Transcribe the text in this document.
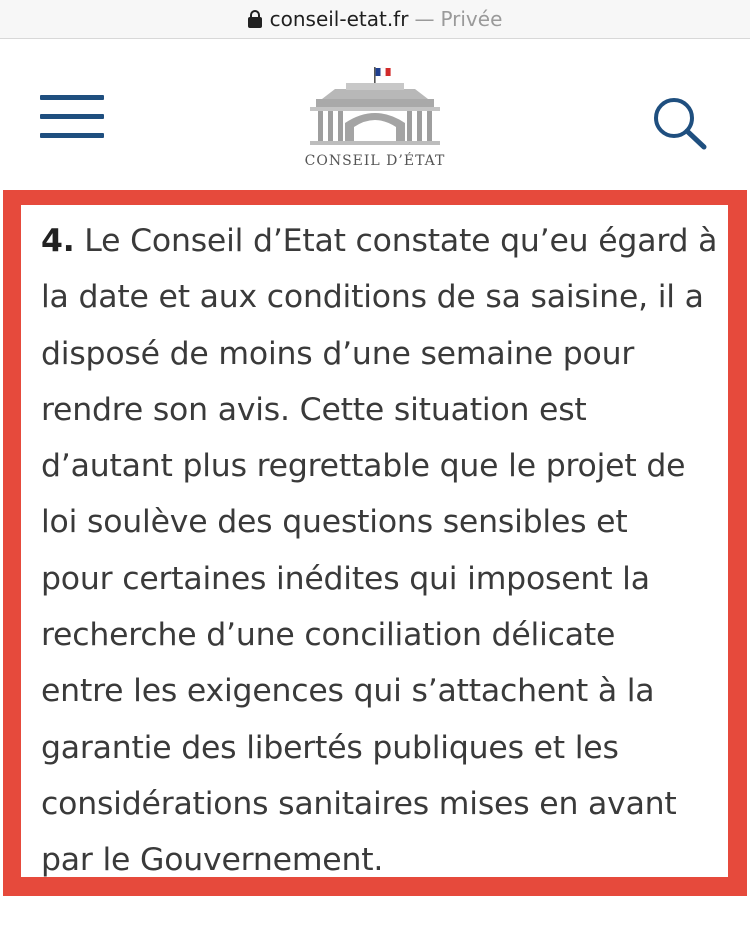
conseil-etat.fr — Privée
CONSEIL D’ÉTAT

4. Le Conseil d’Etat constate qu’eu égard à
la date et aux conditions de sa saisine, il a
disposé de moins d’une semaine pour
rendre son avis. Cette situation est
d’autant plus regrettable que le projet de
loi soulève des questions sensibles et
pour certaines inédites qui imposent la
recherche d’une conciliation délicate
entre les exigences qui s’attachent à la
garantie des libertés publiques et les
considérations sanitaires mises en avant
par le Gouvernement.
